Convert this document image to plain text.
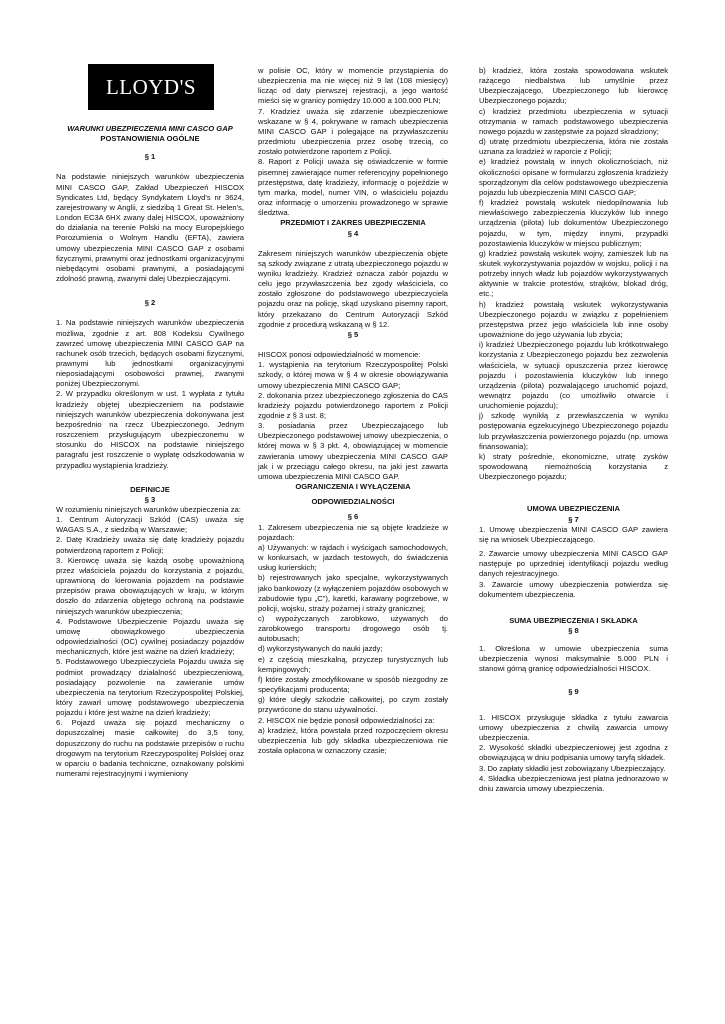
LLOYD'S

WARUNKI UBEZPIECZENIA MINI CASCO GAP

POSTANOWIENIA OGÓLNE

§ 1

Na podstawie niniejszych warunków ubezpieczenia MINI CASCO GAP, Zakład Ubezpieczeń HISCOX Syndicates Ltd, będący Syndykatem Lloyd's nr 3624, zarejestrowany w Anglii, z siedzibą 1 Great St. Helen's, London EC3A 6HX zwany dalej HISCOX, upoważniony do działania na terenie Polski na mocy Europejskiego Porozumienia o Wolnym Handlu (EFTA), zawiera umowy ubezpieczenia MINI CASCO GAP z osobami fizycznymi, prawnymi oraz jednostkami organizacyjnymi niebędącymi osobami prawnymi, a posiadającymi zdolność prawną, zwanymi dalej Ubezpieczającymi.

§ 2

1. Na podstawie niniejszych warunków ubezpieczenia możliwa, zgodnie z art. 808 Kodeksu Cywilnego zawrzeć umowę ubezpieczenia MINI CASCO GAP na rachunek osób trzecich, będących osobami fizycznymi, prawnymi lub jednostkami organizacyjnymi nieposiadającymi osobowości prawnej, zwanymi poniżej Ubezpieczonymi.

2. W przypadku określonym w ust. 1 wypłata z tytułu kradzieży objętej ubezpieczeniem na podstawie niniejszych warunków ubezpieczenia dokonywana jest bezpośrednio na rzecz Ubezpieczonego. Jednym roszczeniem przysługującym ubezpieczonemu w stosunku do HISCOX na podstawie niniejszego paragrafu jest roszczenie o wypłatę odszkodowania w przypadku wystąpienia kradzieży.

DEFINICJE

§ 3

W rozumieniu niniejszych warunków ubezpieczenia za:

1. Centrum Autoryzacji Szkód (CAS) uważa się WAGAS S.A., z siedzibą w Warszawie;

2. Datę Kradzieży uważa się datę kradzieży pojazdu potwierdzoną raportem z Policji;

3. Kierowcę uważa się każdą osobę upoważnioną przez właściciela pojazdu do korzystania z pojazdu, uprawnioną do kierowania pojazdem na podstawie przepisów prawa obowiązujących w kraju, w którym doszło do zdarzenia objętego ochroną na podstawie niniejszych warunków ubezpieczenia;

4. Podstawowe Ubezpieczenie Pojazdu uważa się umowę obowiązkowego ubezpieczenia odpowiedzialności (OC) cywilnej posiadaczy pojazdów mechanicznych, które jest ważne na dzień kradzieży;

5. Podstawowego Ubezpieczyciela Pojazdu uważa się podmiot prowadzący działalność ubezpieczeniową, posiadający pozwolenie na zawieranie umów ubezpieczenia na terytorium Rzeczypospolitej Polskiej, który zawarł umowę podstawowego ubezpieczenia pojazdu i które jest ważne na dzień kradzieży;

6. Pojazd uważa się pojazd mechaniczny o dopuszczalnej masie całkowitej do 3,5 tony, dopuszczony do ruchu na podstawie przepisów o ruchu drogowym na terytorium Rzeczypospolitej Polskiej oraz w oparciu o badania techniczne, oznakowany polskimi numerami rejestracyjnymi i wymieniony

w polisie OC, który w momencie przystąpienia do ubezpieczenia ma nie więcej niż 9 lat (108 miesięcy) licząc od daty pierwszej rejestracji, a jego wartość mieści się w granicy pomiędzy 10.000 a 100.000 PLN;

7. Kradzież uważa się zdarzenie ubezpieczeniowe wskazane w § 4, pokrywane w ramach ubezpieczenia MINI CASCO GAP i polegające na przywłaszczeniu przedmiotu ubezpieczenia przez osobę trzecią, co zostało potwierdzone raportem z Policji.

8. Raport z Policji uważa się oświadczenie w formie pisemnej zawierające numer referencyjny popełnionego przestępstwa, datę kradzieży, informację o pojeździe w tym marka, model, numer VIN, o właścicielu pojazdu oraz informację o umorzeniu prowadzonego w sprawie śledztwa.

PRZEDMIOT I ZAKRES UBEZPIECZENIA

§ 4

Zakresem niniejszych warunków ubezpieczenia objęte są szkody związane z utratą ubezpieczonego pojazdu w wyniku kradzieży. Kradzież oznacza zabór pojazdu w celu jego przywłaszczenia bez zgody właściciela, co zostało zgłoszone do podstawowego ubezpieczyciela pojazdu oraz na policję, skąd uzyskano pisemny raport, który przekazano do Centrum Autoryzacji Szkód zgodnie z procedurą wskazaną w § 12.

§ 5

HISCOX ponosi odpowiedzialność w momencie:

1. wystąpienia na terytorium Rzeczypospolitej Polski szkody, o której mowa w § 4 w okresie obowiązywania umowy ubezpieczenia MINI CASCO GAP;

2. dokonania przez ubezpieczonego zgłoszenia do CAS kradzieży pojazdu potwierdzonego raportem z Policji zgodnie z § 3 ust. 8;

3. posiadania przez Ubezpieczającego lub Ubezpieczonego podstawowej umowy ubezpieczenia, o której mowa w § 3 pkt. 4, obowiązującej w momencie zawierania umowy ubezpieczenia MINI CASCO GAP jak i w przeciągu całego okresu, na jaki jest zawarta umowa ubezpieczenia MINI CASCO GAP.

OGRANICZENIA I WYŁĄCZENIA

ODPOWIEDZIALNOŚCI

§ 6

1. Zakresem ubezpieczenia nie są objęte kradzieże w pojazdach:

a) Używanych: w rajdach i wyścigach samochodowych, w konkursach, w jazdach testowych, do świadczenia usług kurierskich;

b) rejestrowanych jako specjalne, wykorzystywanych jako bankowozy (z wyłączeniem pojazdów osobowych w zabudowie typu „C"), karetki, karawany pogrzebowe, w policji, wojsku, straży pożarnej i straży granicznej;

c) wypożyczanych zarobkowo, używanych do zarobkowego transportu drogowego osób tj. autobusach;

d) wykorzystywanych do nauki jazdy;

e) z częścią mieszkalną, przyczep turystycznych lub kempingowych;

f) które zostały zmodyfikowane w sposób niezgodny ze specyfikacjami producenta;

g) które uległy szkodzie całkowitej, po czym zostały przywrócone do stanu używalności.

2. HISCOX nie będzie ponosił odpowiedzialności za:

a) kradzież, która powstała przed rozpoczęciem okresu ubezpieczenia lub gdy składka ubezpieczeniowa nie została opłacona w oznaczony czasie;

b) kradzież, która została spowodowana wskutek rażącego niedbalstwa lub umyślnie przez Ubezpieczającego, Ubezpieczonego lub kierowcę Ubezpieczonego pojazdu;

c) kradzież przedmiotu ubezpieczenia w sytuacji otrzymania w ramach podstawowego ubezpieczenia nowego pojazdu w zastępstwie za pojazd skradziony;

d) utratę przedmiotu ubezpieczenia, która nie została uznana za kradzież w raporcie z Policji;

e) kradzież powstałą w innych okolicznościach, niż okoliczności opisane w formularzu zgłoszenia kradzieży sporządzonym dla celów podstawowego ubezpieczenia pojazdu lub ubezpieczenia MINI CASCO GAP;

f) kradzież powstałą wskutek niedopilnowania lub niewłaściwego zabezpieczenia kluczyków lub innego urządzenia (pilota) lub dokumentów Ubezpieczonego pojazdu, w tym, między innymi, przypadki pozostawienia kluczyków w miejscu publicznym;

g) kradzież powstałą wskutek wojny, zamieszek lub na skutek wykorzystywania pojazdów w wojsku, policji i na potrzeby innych władz lub pojazdów wykorzystywanych aktywnie w trakcie protestów, strajków, blokad dróg, etc.;

h) kradzież powstałą wskutek wykorzystywania Ubezpieczonego pojazdu w związku z popełnieniem przestępstwa przez jego właściciela lub inne osoby upoważnione do jego używania lub zbycia;

i) kradzież Ubezpieczonego pojazdu lub krótkotrwałego korzystania z Ubezpieczonego pojazdu bez zezwolenia właściciela, w sytuacji opuszczenia przez kierowcę pojazdu i pozostawienia kluczyków lub innego urządzenia (pilota) pozwalającego uruchomić pojazd, wewnątrz pojazdu (co umożliwiło otwarcie i uruchomienie pojazdu);

j) szkodę wynikłą z przewłaszczenia w wyniku postępowania egzekucyjnego Ubezpieczonego pojazdu lub przywłaszczenia powierzonego pojazdu (np. umowa finansowania);

k) straty pośrednie, ekonomiczne, utratę zysków spowodowaną niemożnością korzystania z Ubezpieczonego pojazdu;

UMOWA UBEZPIECZENIA

§ 7

1. Umowę ubezpieczenia MINI CASCO GAP zawiera się na wniosek Ubezpieczającego.

2. Zawarcie umowy ubezpieczenia MINI CASCO GAP następuje po uprzedniej identyfikacji pojazdu według danych rejestracyjnego.

3. Zawarcie umowy ubezpieczenia potwierdza się dokumentem ubezpieczenia.

SUMA UBEZPIECZENIA I SKŁADKA

§ 8

1. Określona w umowie ubezpieczenia suma ubezpieczenia wynosi maksymalnie 5.000 PLN i stanowi górną granicę odpowiedzialności HISCOX.

§ 9

1. HISCOX przysługuje składka z tytułu zawarcia umowy ubezpieczenia z chwilą zawarcia umowy ubezpieczenia.

2. Wysokość składki ubezpieczeniowej jest zgodna z obowiązującą w dniu podpisania umowy taryfą składek.

3. Do zapłaty składki jest zobowiązany Ubezpieczający.

4. Składka ubezpieczeniowa jest płatna jednorazowo w dniu zawarcia umowy ubezpieczenia.
